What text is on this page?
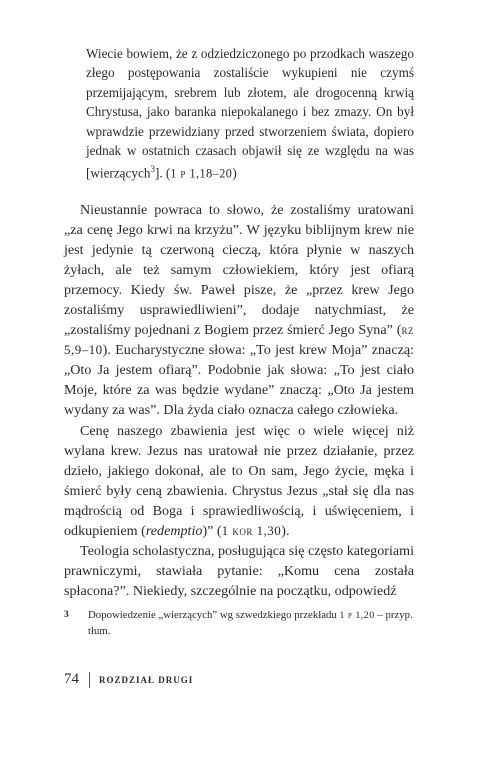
Wiecie bowiem, że z odziedziczonego po przodkach waszego złego postępowania zostaliście wykupieni nie czymś przemijającym, srebrem lub złotem, ale drogocenną krwią Chrystusa, jako baranka niepokalanego i bez zmazy. On był wprawdzie przewidziany przed stworzeniem świata, dopiero jednak w ostatnich czasach objawił się ze względu na was [wierzących$^3$]. (1 p 1,18–20)

Nieustannie powraca to słowo, że zostaliśmy uratowani „za cenę Jego krwi na krzyżu”. W języku biblijnym krew nie jest jedynie tą czerwoną cieczą, która płynie w naszych żyłach, ale też samym człowiekiem, który jest ofiarą przemocy. Kiedy św. Paweł pisze, że „przez krew Jego zostaliśmy usprawiedliwieni”, dodaje natychmiast, że „zostaliśmy pojednani z Bogiem przez śmierć Jego Syna” (rz 5,9–10). Eucharystyczne słowa: „To jest krew Moja” znaczą: „Oto Ja jestem ofiarą”. Podobnie jak słowa: „To jest ciało Moje, które za was będzie wydane” znaczą: „Oto Ja jestem wydany za was”. Dla żyda ciało oznacza całego człowieka.

Cenę naszego zbawienia jest więc o wiele więcej niż wylana krew. Jezus nas uratował nie przez działanie, przez dzieło, jakiego dokonał, ale to On sam, Jego życie, męka i śmierć były ceną zbawienia. Chrystus Jezus „stał się dla nas mądrością od Boga i sprawiedliwością, i uświęceniem, i odkupieniem (redemptio)” (1 kor 1,30).

Teologia scholastyczna, posługująca się często kategoriami prawniczymi, stawiała pytanie: „Komu cena została spłacona?”. Niekiedy, szczególnie na początku, odpowiedź

3 Dopowiedzenie „wierzących” wg szwedzkiego przekładu 1 p 1,20 – przyp. tłum.
74 ROZDZIAŁ DRUGI
